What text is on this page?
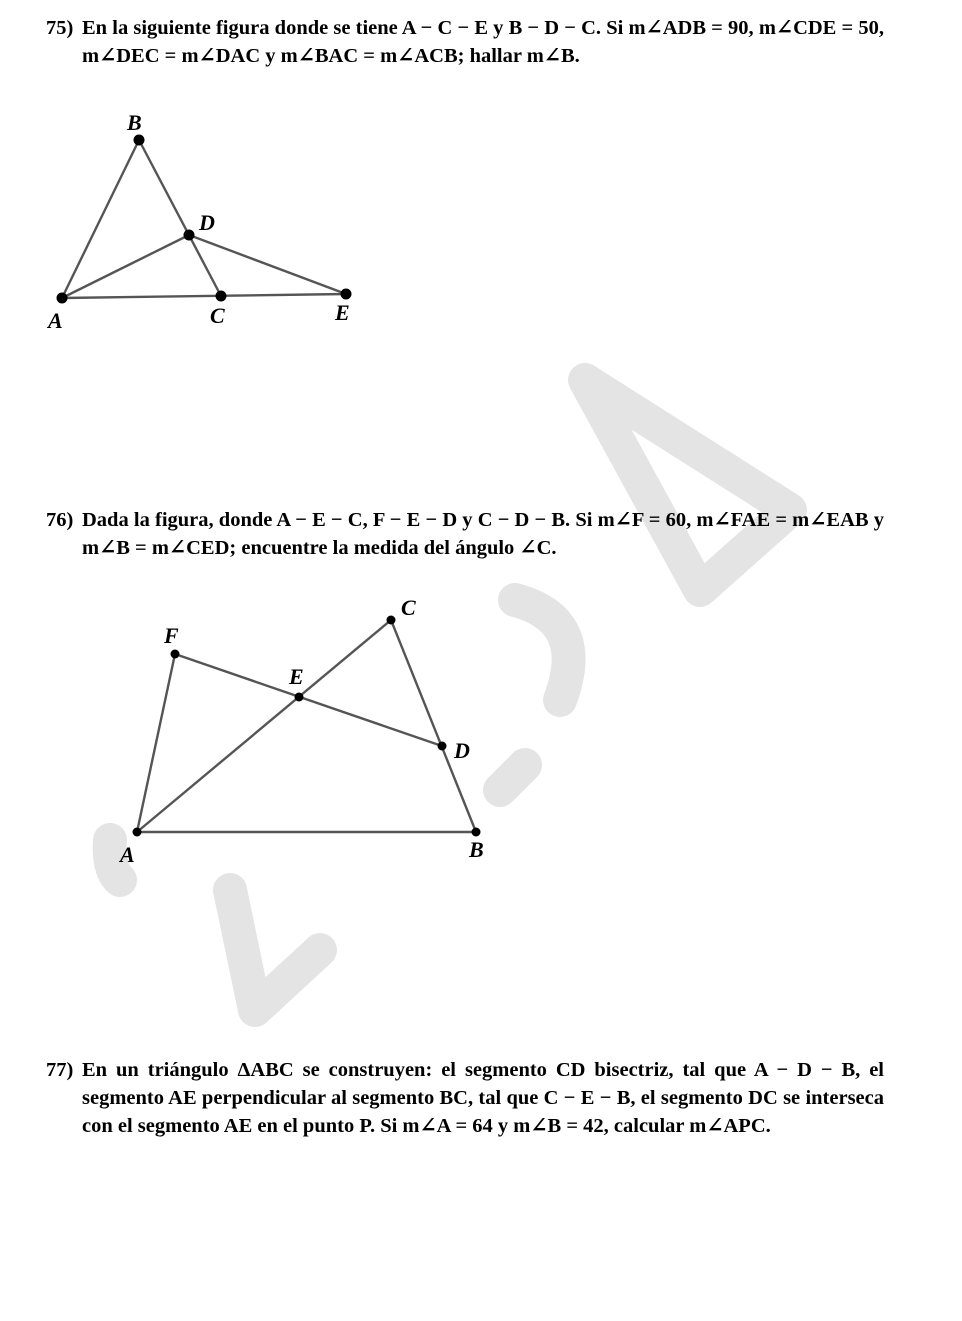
B
D
A	C	E
F
C
E
D
A	B
75) En la siguiente figura donde se tiene A − C − E y B − D − C. Si m∠ADB = 90, m∠CDE = 50, m∠DEC = m∠DAC y m∠BAC = m∠ACB; hallar m∠B.
76) Dada la figura, donde A − E − C, F − E − D y C − D − B. Si m∠F = 60, m∠FAE = m∠EAB y m∠B = m∠CED; encuentre la medida del ángulo ∠C.
77) En un triángulo ΔABC se construyen: el segmento CD bisectriz, tal que A − D − B, el segmento AE perpendicular al segmento BC, tal que C − E − B, el segmento DC se interseca con el segmento AE en el punto P. Si m∠A = 64 y m∠B = 42, calcular m∠APC.
